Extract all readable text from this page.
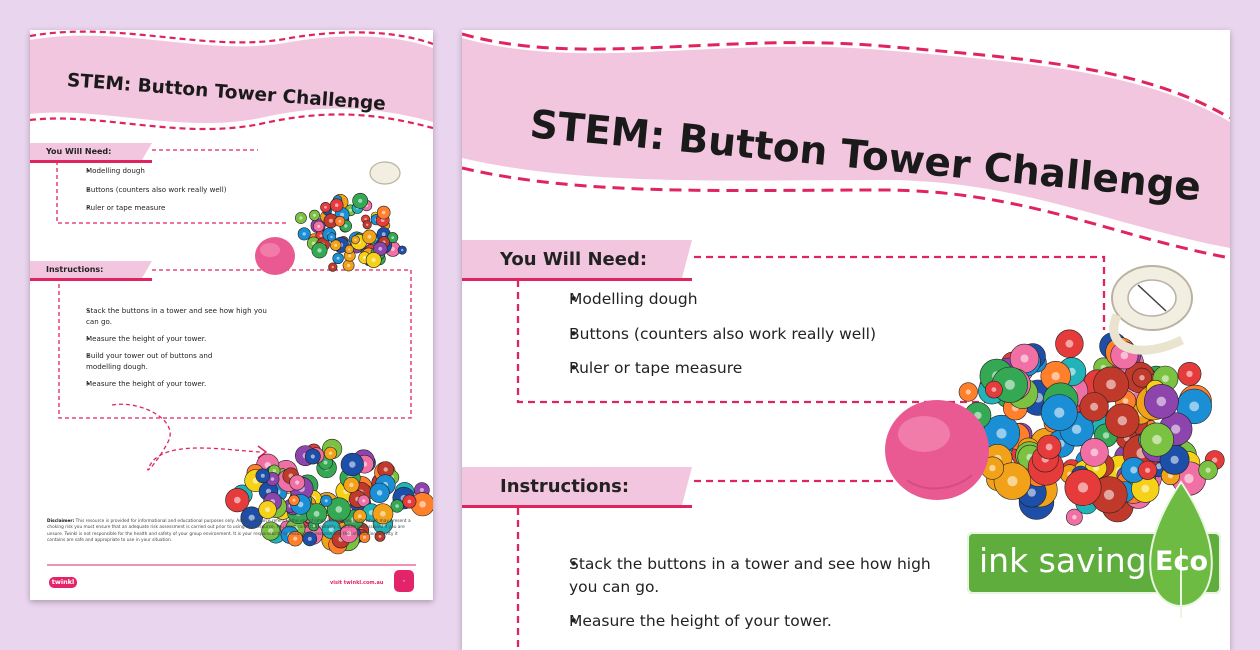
STEM: Button Tower Challenge
You Will Need:
• Modelling dough
• Buttons (counters also work really well)
• Ruler or tape measure
Instructions:
• Stack the buttons in a tower and see how high you can go.
• Measure the height of your tower.
• Build your tower out of buttons and modelling dough.
• Measure the height of your tower.

Disclaimer: This resource is provided for informational and educational purposes only. As this resource refers to the use of small items/loose parts which may present a choking risk you must ensure that an adequate risk assessment is carried out prior to using this resource. You must contact a suitably qualified professional if you are unsure. Twinkl is not responsible for the health and safety of your group environment. It is your responsibility to ensure the resource and the information/activity it contains are safe and appropriate to use in your situation.

twinkl	visit twinkl.com.au	✦
STEM: Button Tower Challenge
You Will Need:
• Modelling dough
• Buttons (counters also work really well)
• Ruler or tape measure
Instructions:
• Stack the buttons in a tower and see how high
you can go.
• Measure the height of your tower.
ink saving Eco
